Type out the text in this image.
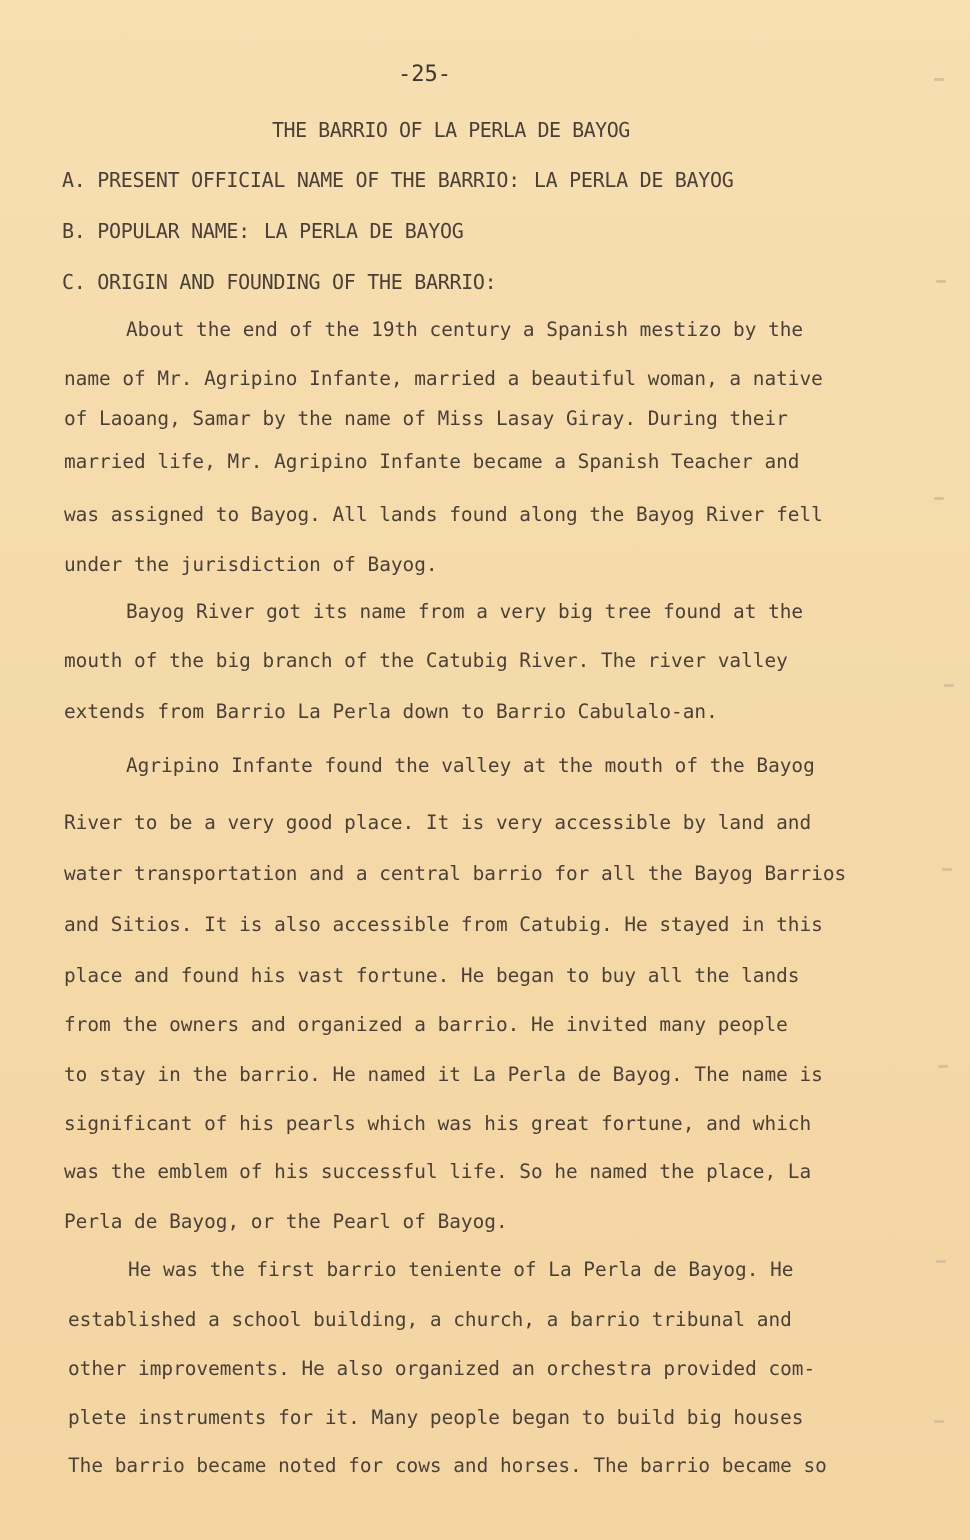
-25-
THE BARRIO OF LA PERLA DE BAYOG
A. PRESENT OFFICIAL NAME OF THE BARRIO: LA PERLA DE BAYOG
B. POPULAR NAME: LA PERLA DE BAYOG
C. ORIGIN AND FOUNDING OF THE BARRIO:
About the end of the 19th century a Spanish mestizo by the
name of Mr. Agripino Infante, married a beautiful woman, a native
of Laoang, Samar by the name of Miss Lasay Giray. During their
married life, Mr. Agripino Infante became a Spanish Teacher and
was assigned to Bayog. All lands found along the Bayog River fell
under the jurisdiction of Bayog.
Bayog River got its name from a very big tree found at the
mouth of the big branch of the Catubig River. The river valley
extends from Barrio La Perla down to Barrio Cabulalo-an.
Agripino Infante found the valley at the mouth of the Bayog
River to be a very good place. It is very accessible by land and
water transportation and a central barrio for all the Bayog Barrios
and Sitios. It is also accessible from Catubig. He stayed in this
place and found his vast fortune. He began to buy all the lands
from the owners and organized a barrio. He invited many people
to stay in the barrio. He named it La Perla de Bayog. The name is
significant of his pearls which was his great fortune, and which
was the emblem of his successful life. So he named the place, La
Perla de Bayog, or the Pearl of Bayog.
He was the first barrio teniente of La Perla de Bayog. He
established a school building, a church, a barrio tribunal and
other improvements. He also organized an orchestra provided com-
plete instruments for it. Many people began to build big houses
The barrio became noted for cows and horses. The barrio became so
